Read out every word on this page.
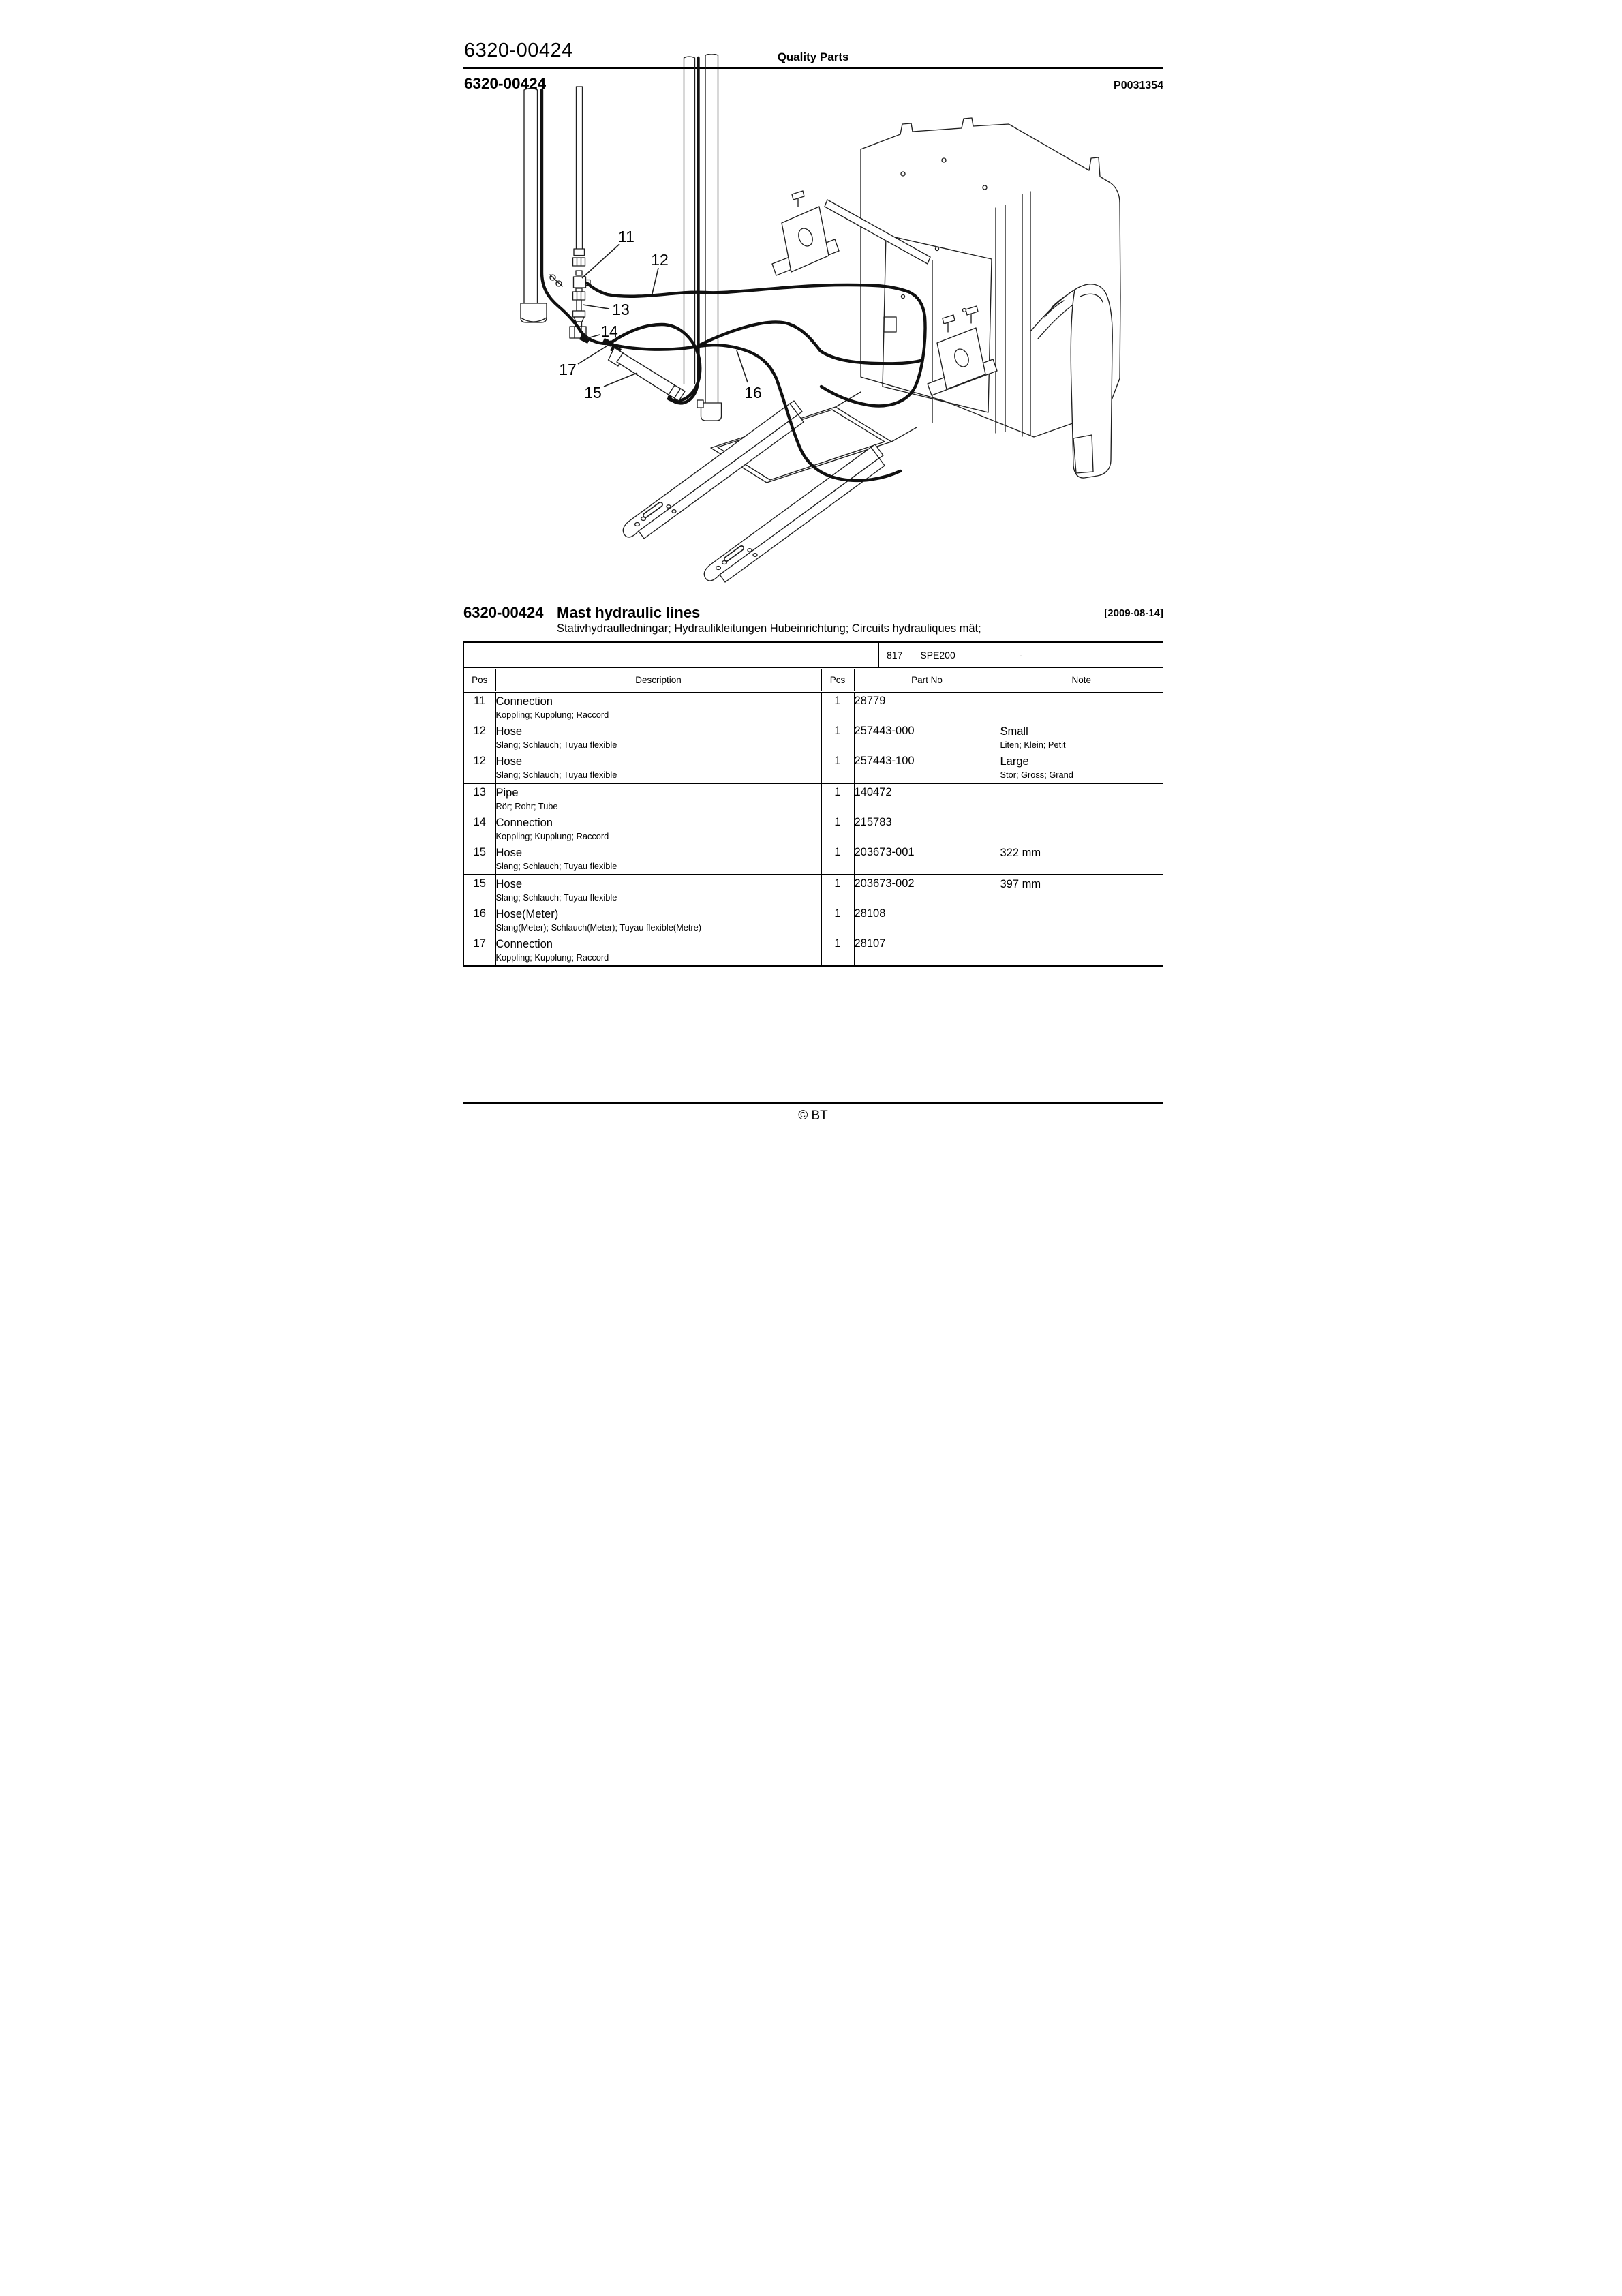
6320-00424	Quality Parts
6320-00424	P0031354
11
12
13
14
17
15	16
6320-00424 Mast hydraulic lines	[2009-08-14]
Stativhydraulledningar; Hydraulikleitungen Hubeinrichtung; Circuits hydrauliques mât;
-
817 SPE200
Pos	Description	Pcs	Part No	Note
11	Connection
Koppling; Kupplung; Raccord	1	28779	

12	Hose
Slang; Schlauch; Tuyau flexible
	1	257443-000	Small
Liten; Klein; Petit

12	Hose
Slang; Schlauch; Tuyau flexible
	1	257443-100	Large
Stor; Gross; Grand

13	Pipe
Rör; Rohr; Tube	1	140472	

14	Connection
Koppling; Kupplung; Raccord	1	215783	

15	Hose
Slang; Schlauch; Tuyau flexible	1	203673-001	322 mm

15	Hose
Slang; Schlauch; Tuyau flexible	1	203673-002	397 mm

16	Hose(Meter)
Slang(Meter); Schlauch(Meter); Tuyau flexible(Metre)	1	28108	

17	Connection
Koppling; Kupplung; Raccord	1	28107	
© BT
